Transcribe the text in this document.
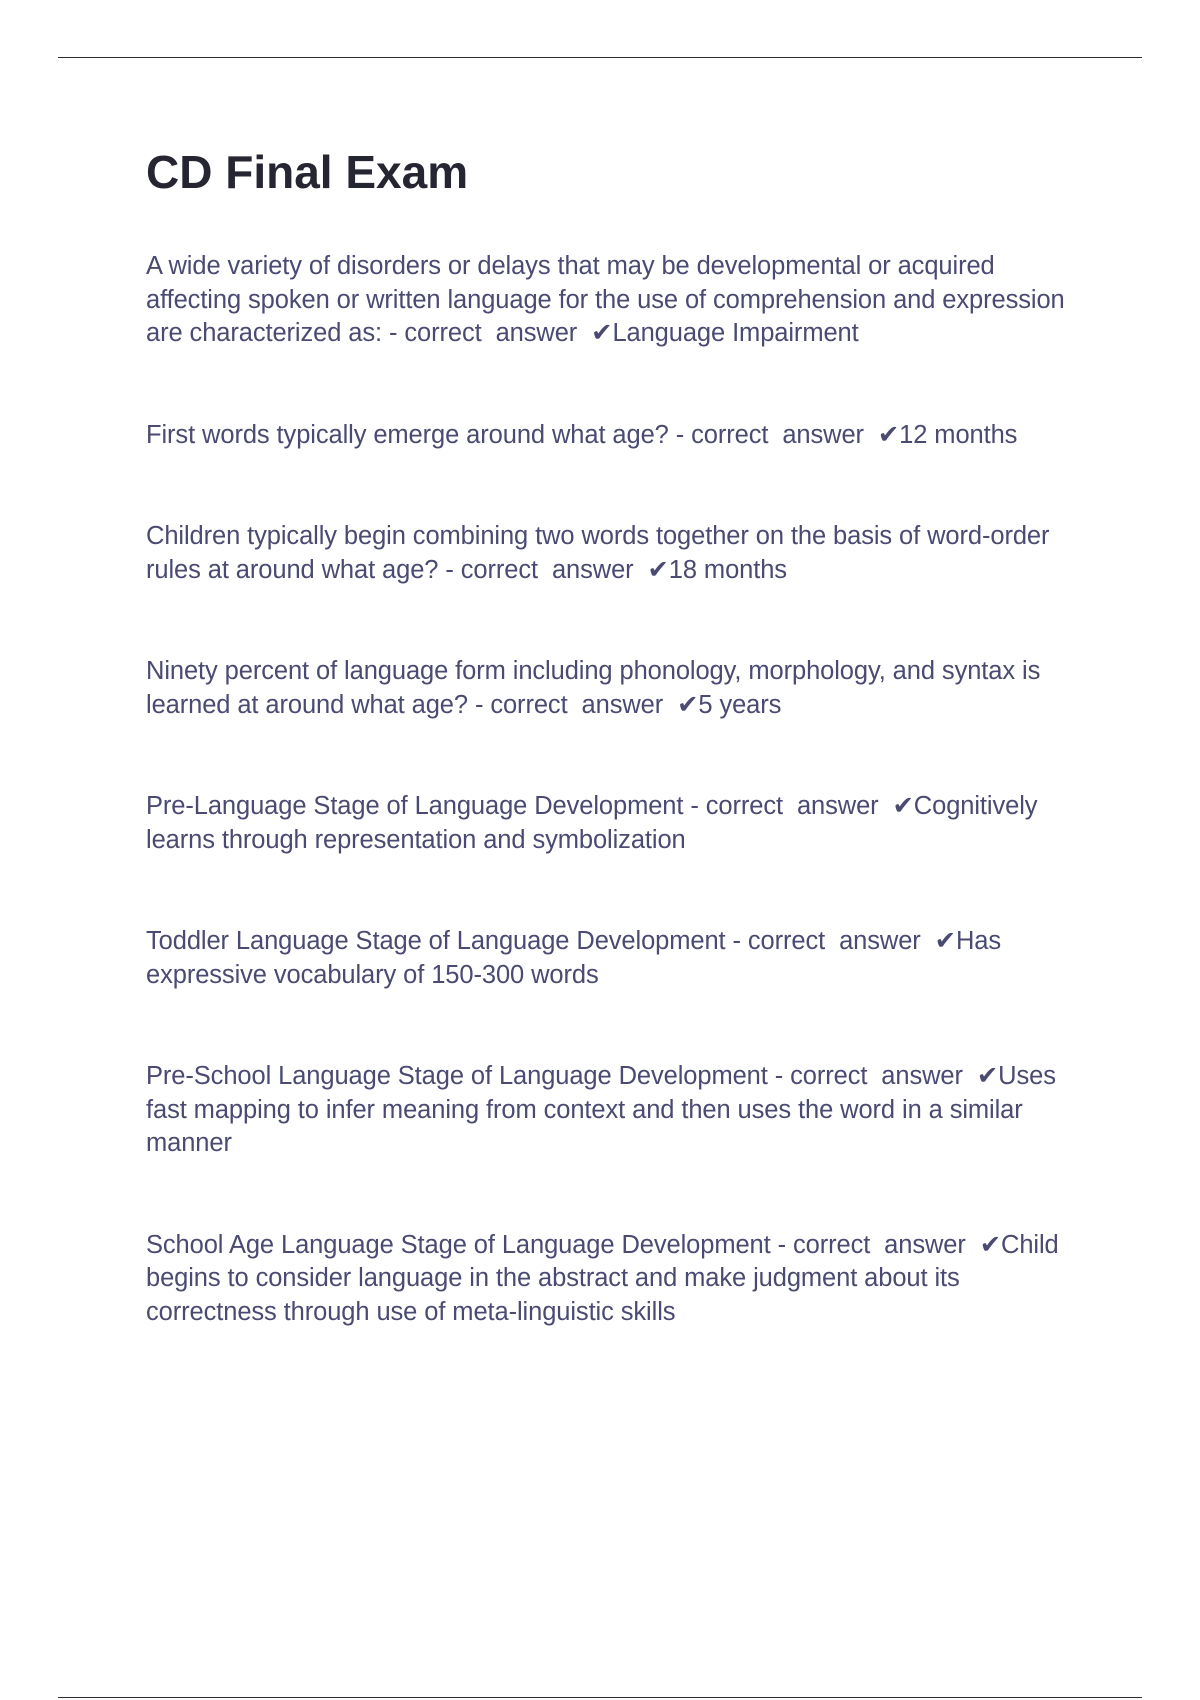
CD Final Exam

A wide variety of disorders or delays that may be developmental or acquired affecting spoken or written language for the use of comprehension and expression are characterized as: - correct  answer  ✔Language Impairment

First words typically emerge around what age? - correct  answer  ✔12 months

Children typically begin combining two words together on the basis of word-order rules at around what age? - correct  answer  ✔18 months

Ninety percent of language form including phonology, morphology, and syntax is learned at around what age? - correct  answer  ✔5 years

Pre-Language Stage of Language Development - correct  answer  ✔Cognitively learns through representation and symbolization

Toddler Language Stage of Language Development - correct  answer  ✔Has expressive vocabulary of 150-300 words

Pre-School Language Stage of Language Development - correct  answer  ✔Uses fast mapping to infer meaning from context and then uses the word in a similar manner

School Age Language Stage of Language Development - correct  answer  ✔Child begins to consider language in the abstract and make judgment about its correctness through use of meta-linguistic skills
